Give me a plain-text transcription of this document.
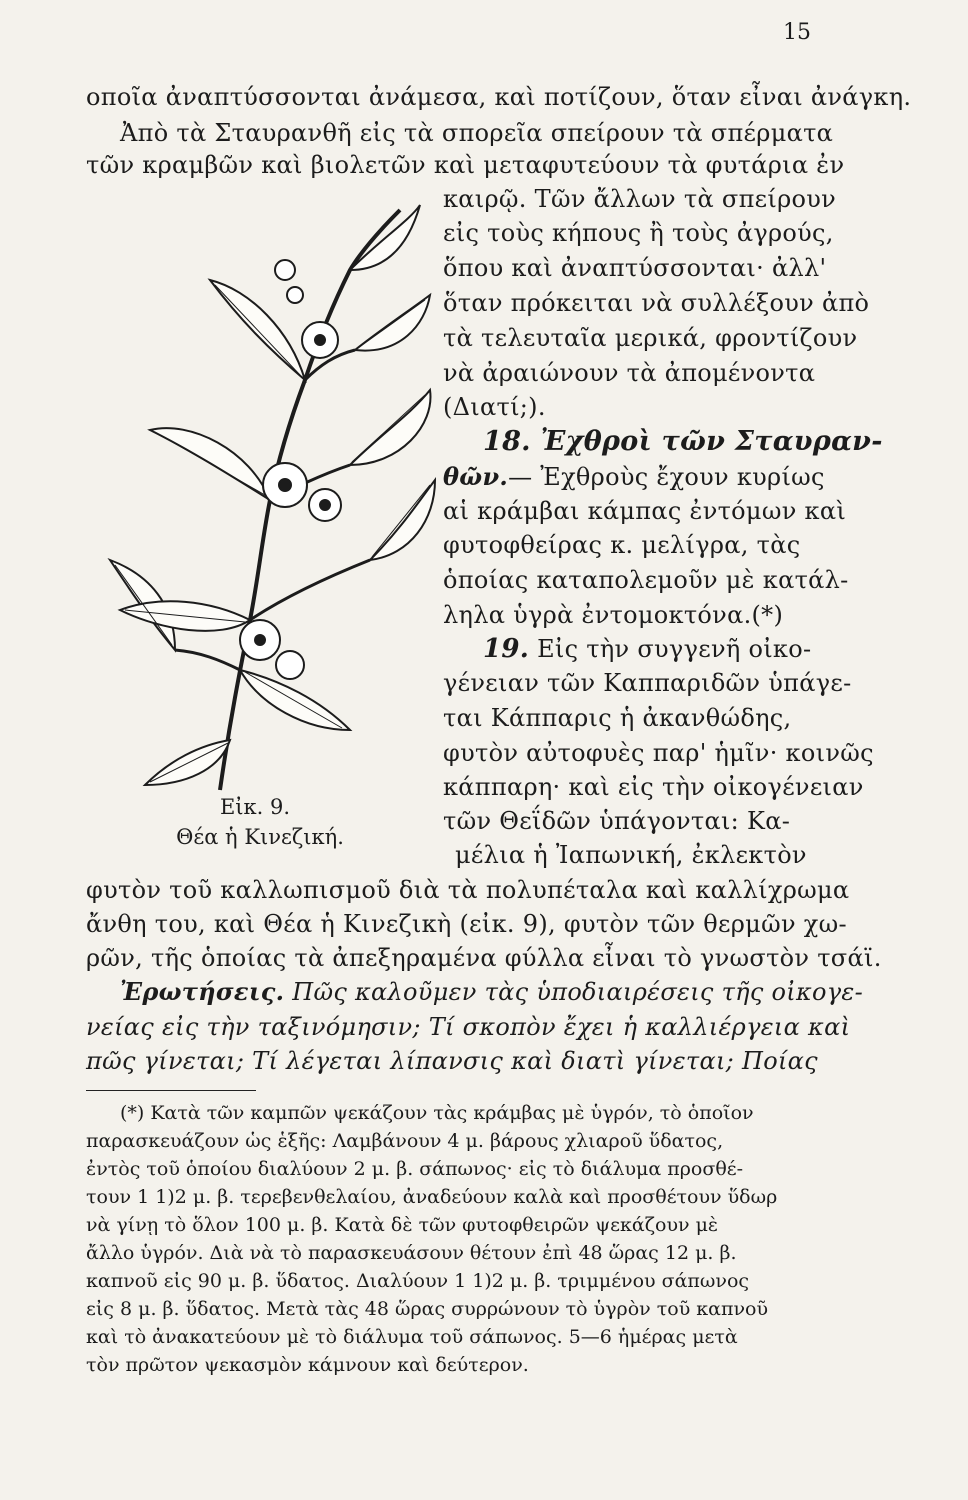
15
οποῖα ἀναπτύσσονται ἀνάμεσα, καὶ ποτίζουν, ὅταν εἶναι ἀνάγκη.
Ἀπὸ τὰ Σταυρανθῆ εἰς τὰ σπορεῖα σπείρουν τὰ σπέρματα
τῶν κραμβῶν καὶ βιολετῶν καὶ μεταφυτεύουν τὰ φυτάρια ἐν
καιρῷ. Τῶν ἄλλων τὰ σπείρουν
εἰς τοὺς κήπους ἢ τοὺς ἀγρούς,
ὅπου καὶ ἀναπτύσσονται· ἀλλ'
ὅταν πρόκειται νὰ συλλέξουν ἀπὸ
τὰ τελευταῖα μερικά, φροντίζουν
νὰ ἀραιώνουν τὰ ἀπομένοντα
(Διατί;).
18. Ἐχθροὶ τῶν Σταυραν-
θῶν.— Ἐχθροὺς ἔχουν κυρίως
αἱ κράμβαι κάμπας ἐντόμων καὶ
φυτοφθείρας κ. μελίγρα, τὰς
ὁποίας καταπολεμοῦν μὲ κατάλ-
ληλα ὑγρὰ ἐντομοκτόνα.(*)
19. Εἰς τὴν συγγενῆ οἰκο-
γένειαν τῶν Καππαριδῶν ὑπάγε-
ται Κάππαρις ἡ ἀκανθώδης,
φυτὸν αὐτοφυὲς παρ' ἡμῖν· κοινῶς
κάππαρη· καὶ εἰς τὴν οἰκογένειαν
τῶν Θεΐδῶν ὑπάγονται: Κα-
μέλια ἡ Ἰαπωνική, ἐκλεκτὸν
φυτὸν τοῦ καλλωπισμοῦ διὰ τὰ πολυπέταλα καὶ καλλίχρωμα
ἄνθη του, καὶ Θέα ἡ Κινεζικὴ (εἰκ. 9), φυτὸν τῶν θερμῶν χω-
ρῶν, τῆς ὁποίας τὰ ἀπεξηραμένα φύλλα εἶναι τὸ γνωστὸν τσάϊ.
Ἐρωτήσεις. Πῶς καλοῦμεν τὰς ὑποδιαιρέσεις τῆς οἰκογε-
νείας εἰς τὴν ταξινόμησιν; Τί σκοπὸν ἔχει ἡ καλλιέργεια καὶ
πῶς γίνεται; Τί λέγεται λίπανσις καὶ διατὶ γίνεται; Ποίας
(*) Κατὰ τῶν καμπῶν ψεκάζουν τὰς κράμβας μὲ ὑγρόν, τὸ ὁποῖον
παρασκευάζουν ὡς ἑξῆς: Λαμβάνουν 4 μ. βάρους χλιαροῦ ὕδατος,
ἐντὸς τοῦ ὁποίου διαλύουν 2 μ. β. σάπωνος· εἰς τὸ διάλυμα προσθέ-
τουν 1 1)2 μ. β. τερεβενθελαίου, ἀναδεύουν καλὰ καὶ προσθέτουν ὕδωρ
νὰ γίνῃ τὸ ὅλον 100 μ. β. Κατὰ δὲ τῶν φυτοφθειρῶν ψεκάζουν μὲ
ἄλλο ὑγρόν. Διὰ νὰ τὸ παρασκευάσουν θέτουν ἐπὶ 48 ὥρας 12 μ. β.
καπνοῦ εἰς 90 μ. β. ὕδατος. Διαλύουν 1 1)2 μ. β. τριμμένου σάπωνος
εἰς 8 μ. β. ὕδατος. Μετὰ τὰς 48 ὥρας συρρώνουν τὸ ὑγρὸν τοῦ καπνοῦ
καὶ τὸ ἀνακατεύουν μὲ τὸ διάλυμα τοῦ σάπωνος. 5—6 ἡμέρας μετὰ
τὸν πρῶτον ψεκασμὸν κάμνουν καὶ δεύτερον.
Εἰκ. 9.
Θέα ἡ Κινεζική.
